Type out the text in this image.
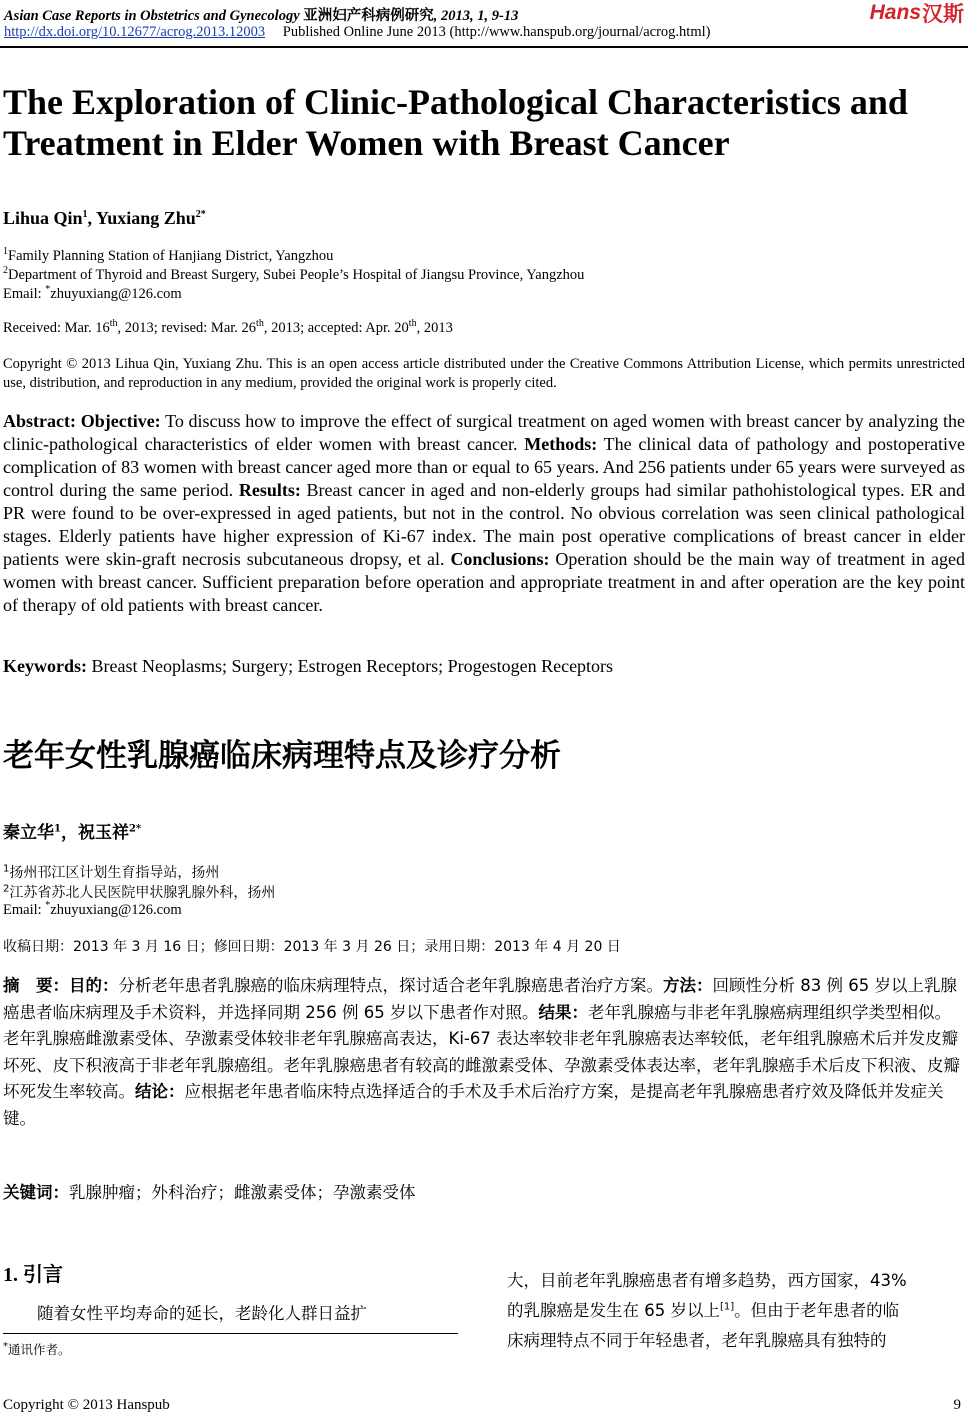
Asian Case Reports in Obstetrics and Gynecology 亚洲妇产科病例研究, 2013, 1, 9-13
http://dx.doi.org/10.12677/acrog.2013.12003 Published Online June 2013 (http://www.hanspub.org/journal/acrog.html)
Hans 汉斯
The Exploration of Clinic-Pathological Characteristics and Treatment in Elder Women with Breast Cancer
Lihua Qin$^1$, Yuxiang Zhu$^{2*}$
$^1$Family Planning Station of Hanjiang District, Yangzhou
$^2$Department of Thyroid and Breast Surgery, Subei People’s Hospital of Jiangsu Province, Yangzhou
Email: *zhuyuxiang@126.com
Received: Mar. 16th, 2013; revised: Mar. 26th, 2013; accepted: Apr. 20th, 2013
Copyright © 2013 Lihua Qin, Yuxiang Zhu. This is an open access article distributed under the Creative Commons Attribution License, which permits unrestricted use, distribution, and reproduction in any medium, provided the original work is properly cited.
Abstract: Objective: To discuss how to improve the effect of surgical treatment on aged women with breast cancer by analyzing the clinic-pathological characteristics of elder women with breast cancer. Methods: The clinical data of pathology and postoperative complication of 83 women with breast cancer aged more than or equal to 65 years. And 256 patients under 65 years were surveyed as control during the same period. Results: Breast cancer in aged and non-elderly groups had similar pathohistological types. ER and PR were found to be over-expressed in aged patients, but not in the control. No obvious correlation was seen clinical pathological stages. Elderly patients have higher expression of Ki-67 index. The main post operative complications of breast cancer in elder patients were skin-graft necrosis subcutaneous dropsy, et al. Conclusions: Operation should be the main way of treatment in aged women with breast cancer. Sufficient preparation before operation and appropriate treatment in and after operation are the key point of therapy of old patients with breast cancer.
Keywords: Breast Neoplasms; Surgery; Estrogen Receptors; Progestogen Receptors
老年女性乳腺癌临床病理特点及诊疗分析
秦立华$^1$，祝玉祥$^{2*}$
$^1$扬州邗江区计划生育指导站，扬州
$^2$江苏省苏北人民医院甲状腺乳腺外科，扬州
Email: *zhuyuxiang@126.com
收稿日期：2013 年 3 月 16 日；修回日期：2013 年 3 月 26 日；录用日期：2013 年 4 月 20 日
摘　要：目的：分析老年患者乳腺癌的临床病理特点，探讨适合老年乳腺癌患者治疗方案。方法：回顾性分析 83 例 65 岁以上乳腺癌患者临床病理及手术资料，并选择同期 256 例 65 岁以下患者作对照。结果：老年乳腺癌与非老年乳腺癌病理组织学类型相似。老年乳腺癌雌激素受体、孕激素受体较非老年乳腺癌高表达，Ki-67 表达率较非老年乳腺癌表达率较低，老年组乳腺癌术后并发皮瓣坏死、皮下积液高于非老年乳腺癌组。老年乳腺癌患者有较高的雌激素受体、孕激素受体表达率，老年乳腺癌手术后皮下积液、皮瓣坏死发生率较高。结论：应根据老年患者临床特点选择适合的手术及手术后治疗方案，是提高老年乳腺癌患者疗效及降低并发症关键。
关键词：乳腺肿瘤；外科治疗；雌激素受体；孕激素受体
1. 引言
随着女性平均寿命的延长，老龄化人群日益扩
*通讯作者。
大，目前老年乳腺癌患者有增多趋势，西方国家，43%
的乳腺癌是发生在 65 岁以上[1]。但由于老年患者的临
床病理特点不同于年轻患者，老年乳腺癌具有独特的
Copyright © 2013 Hanspub	9
